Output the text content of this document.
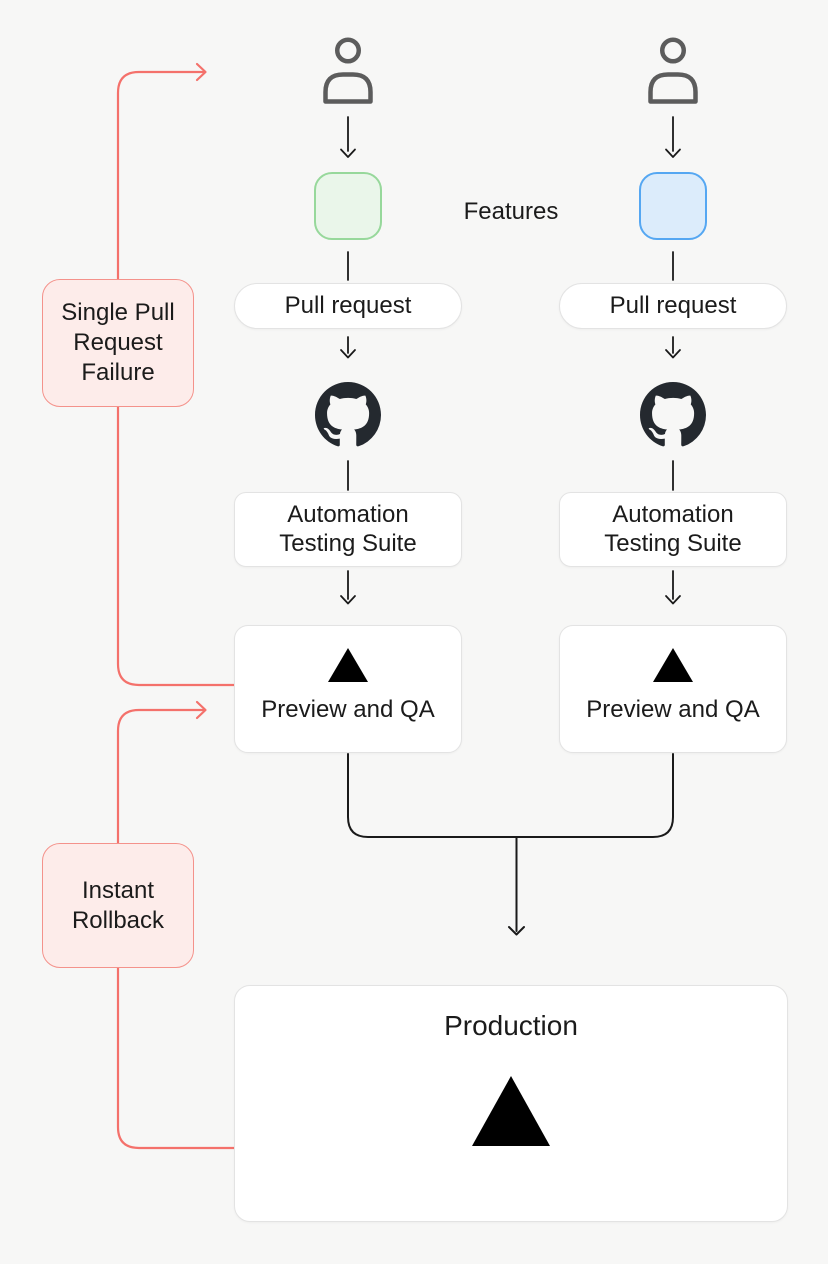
Pull request
Automation Testing Suite
Preview and QA
Features
Pull request
Automation Testing Suite
Preview and QA
Production
Single Pull Request Failure
Instant Rollback
